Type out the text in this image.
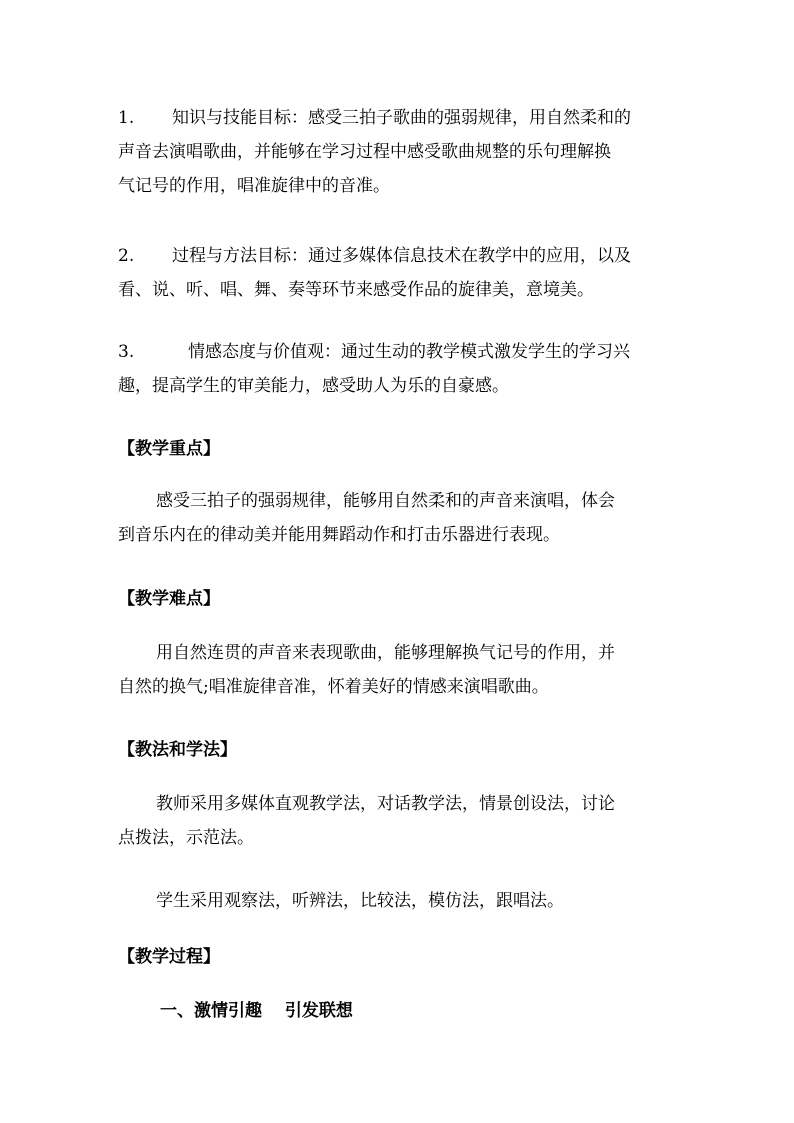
1. 知识与技能目标：感受三拍子歌曲的强弱规律，用自然柔和的
声音去演唱歌曲，并能够在学习过程中感受歌曲规整的乐句理解换
气记号的作用，唱准旋律中的音准。
2. 过程与方法目标：通过多媒体信息技术在教学中的应用，以及
看、说、听、唱、舞、奏等环节来感受作品的旋律美，意境美。
3.	情感态度与价值观：通过生动的教学模式激发学生的学习兴
趣，提高学生的审美能力，感受助人为乐的自豪感。
【教学重点】
感受三拍子的强弱规律，能够用自然柔和的声音来演唱，体会
到音乐内在的律动美并能用舞蹈动作和打击乐器进行表现。
【教学难点】
用自然连贯的声音来表现歌曲，能够理解换气记号的作用，并
自然的换气;唱准旋律音准，怀着美好的情感来演唱歌曲。
【教法和学法】
教师采用多媒体直观教学法，对话教学法，情景创设法，讨论
点拨法，示范法。
学生采用观察法，听辨法，比较法，模仿法，跟唱法。
【教学过程】
一、激情引趣　 引发联想
